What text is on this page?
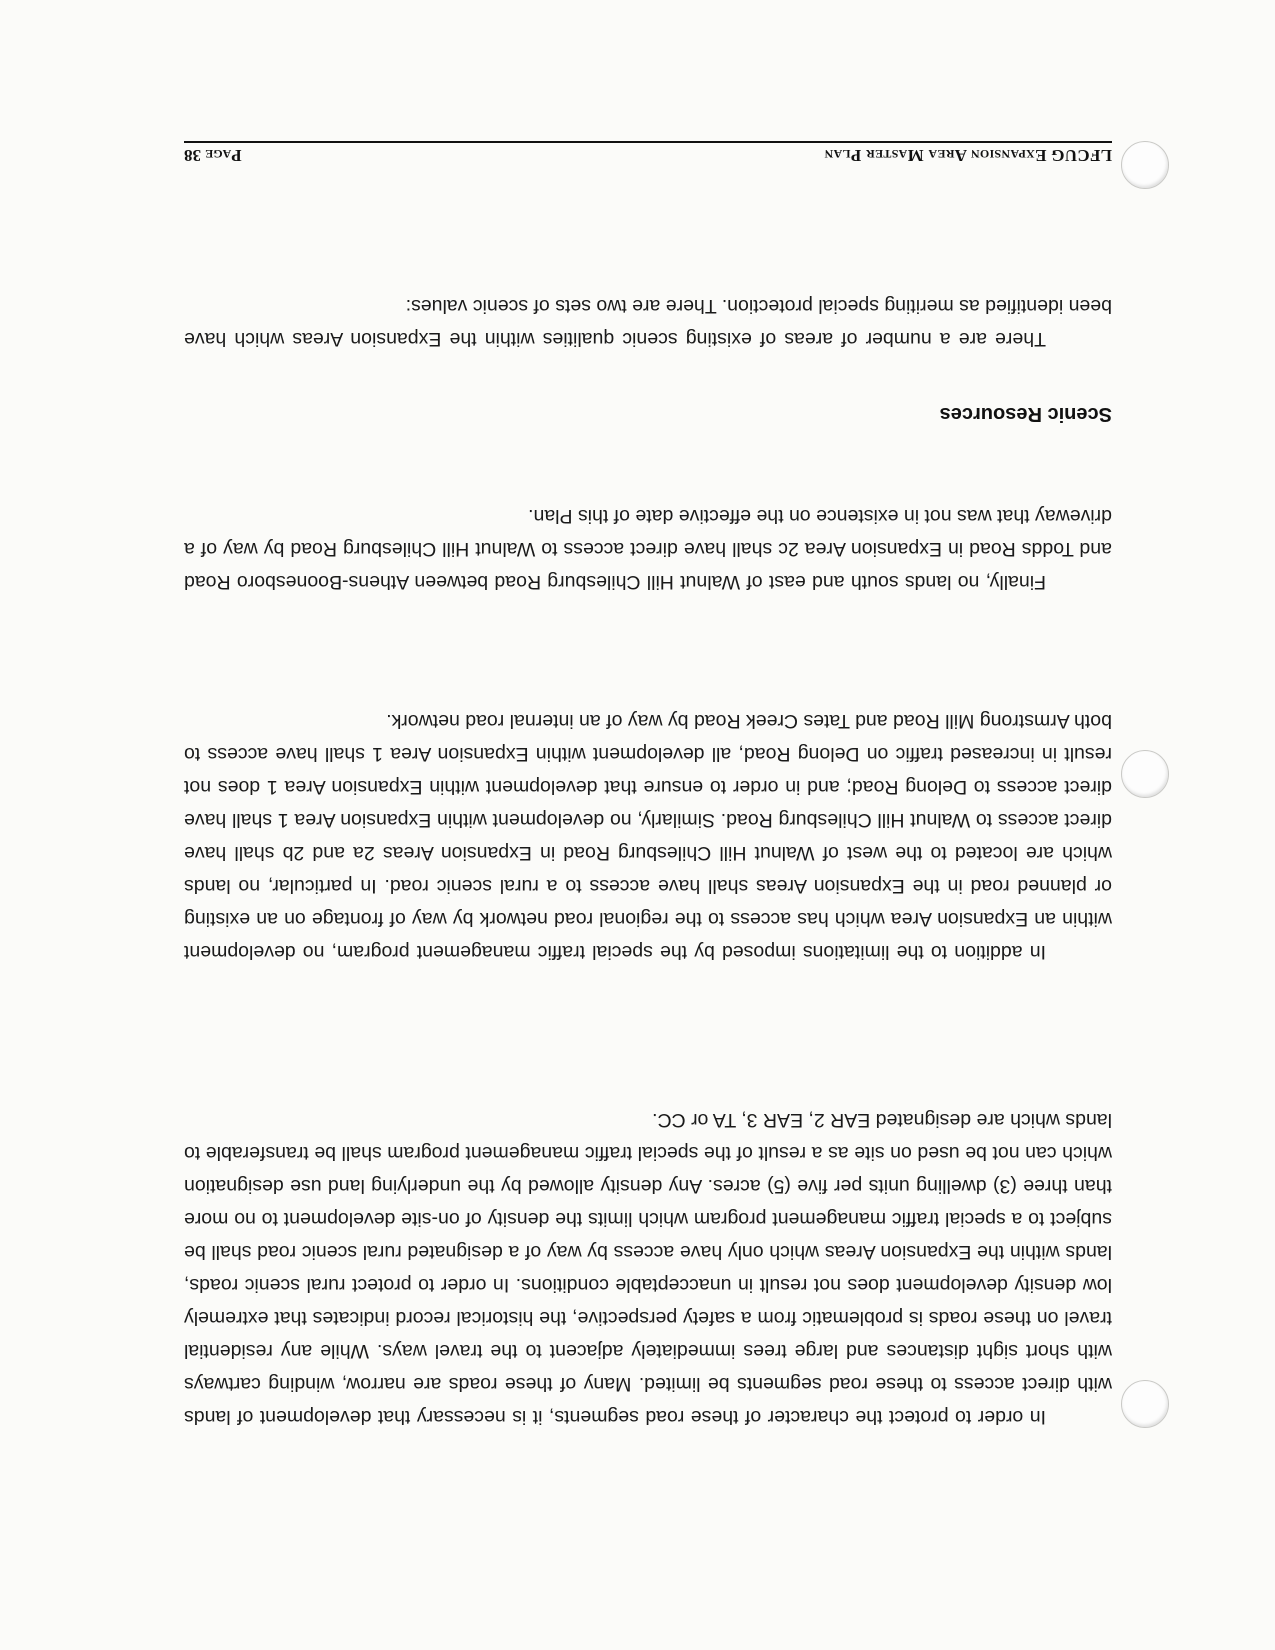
LFCUG Expansion Area Master Plan
Page 38

There are a number of areas of existing scenic qualities within the Expansion Areas which have been identified as meriting special protection. There are two sets of scenic values:

Scenic Resources

Finally, no lands south and east of Walnut Hill Chilesburg Road between Athens-Boonesboro Road and Todds Road in Expansion Area 2c shall have direct access to Walnut Hill Chilesburg Road by way of a driveway that was not in existence on the effective date of this Plan.

In addition to the limitations imposed by the special traffic management program, no development within an Expansion Area which has access to the regional road network by way of frontage on an existing or planned road in the Expansion Areas shall have access to a rural scenic road. In particular, no lands which are located to the west of Walnut Hill Chilesburg Road in Expansion Areas 2a and 2b shall have direct access to Walnut Hill Chilesburg Road. Similarly, no development within Expansion Area 1 shall have direct access to Delong Road; and in order to ensure that development within Expansion Area 1 does not result in increased traffic on Delong Road, all development within Expansion Area 1 shall have access to both Armstrong Mill Road and Tates Creek Road by way of an internal road network.

In order to protect the character of these road segments, it is necessary that development of lands with direct access to these road segments be limited. Many of these roads are narrow, winding cartways with short sight distances and large trees immediately adjacent to the travel ways. While any residential travel on these roads is problematic from a safety perspective, the historical record indicates that extremely low density development does not result in unacceptable conditions. In order to protect rural scenic roads, lands within the Expansion Areas which only have access by way of a designated rural scenic road shall be subject to a special traffic management program which limits the density of on-site development to no more than three (3) dwelling units per five (5) acres. Any density allowed by the underlying land use designation which can not be used on site as a result of the special traffic management program shall be transferable to lands which are designated EAR 2, EAR 3, TA or CC.
